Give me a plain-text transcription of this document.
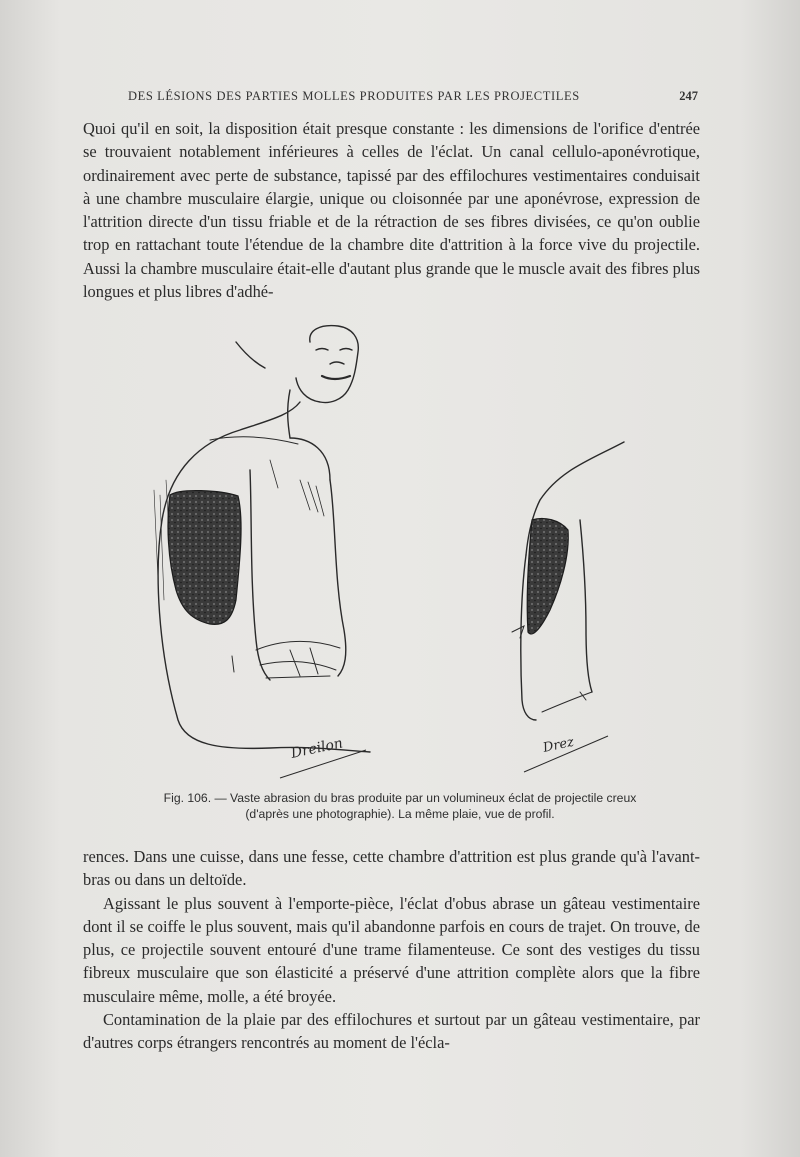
DES LÉSIONS DES PARTIES MOLLES PRODUITES PAR LES PROJECTILES	247

Quoi qu'il en soit, la disposition était presque constante : les dimensions de l'orifice d'entrée se trouvaient notablement inférieures à celles de l'éclat. Un canal cellulo-aponévrotique, ordinairement avec perte de substance, tapissé par des effilochures vestimentaires conduisait à une chambre musculaire élargie, unique ou cloisonnée par une aponévrose, expression de l'attrition directe d'un tissu friable et de la rétraction de ses fibres divisées, ce qu'on oublie trop en rattachant toute l'étendue de la chambre dite d'attrition à la force vive du projectile. Aussi la chambre musculaire était-elle d'autant plus grande que le muscle avait des fibres plus longues et plus libres d'adhé-

Dreilon	Drez
Fig. 106. — Vaste abrasion du bras produite par un volumineux éclat de projectile creux
(d'après une photographie). La même plaie, vue de profil.

rences. Dans une cuisse, dans une fesse, cette chambre d'attrition est plus grande qu'à l'avant-bras ou dans un deltoïde.

Agissant le plus souvent à l'emporte-pièce, l'éclat d'obus abrase un gâteau vestimentaire dont il se coiffe le plus souvent, mais qu'il abandonne parfois en cours de trajet. On trouve, de plus, ce projectile souvent entouré d'une trame filamenteuse. Ce sont des vestiges du tissu fibreux musculaire que son élasticité a préservé d'une attrition complète alors que la fibre musculaire même, molle, a été broyée.

Contamination de la plaie par des effilochures et surtout par un gâteau vestimentaire, par d'autres corps étrangers rencontrés au moment de l'écla-
